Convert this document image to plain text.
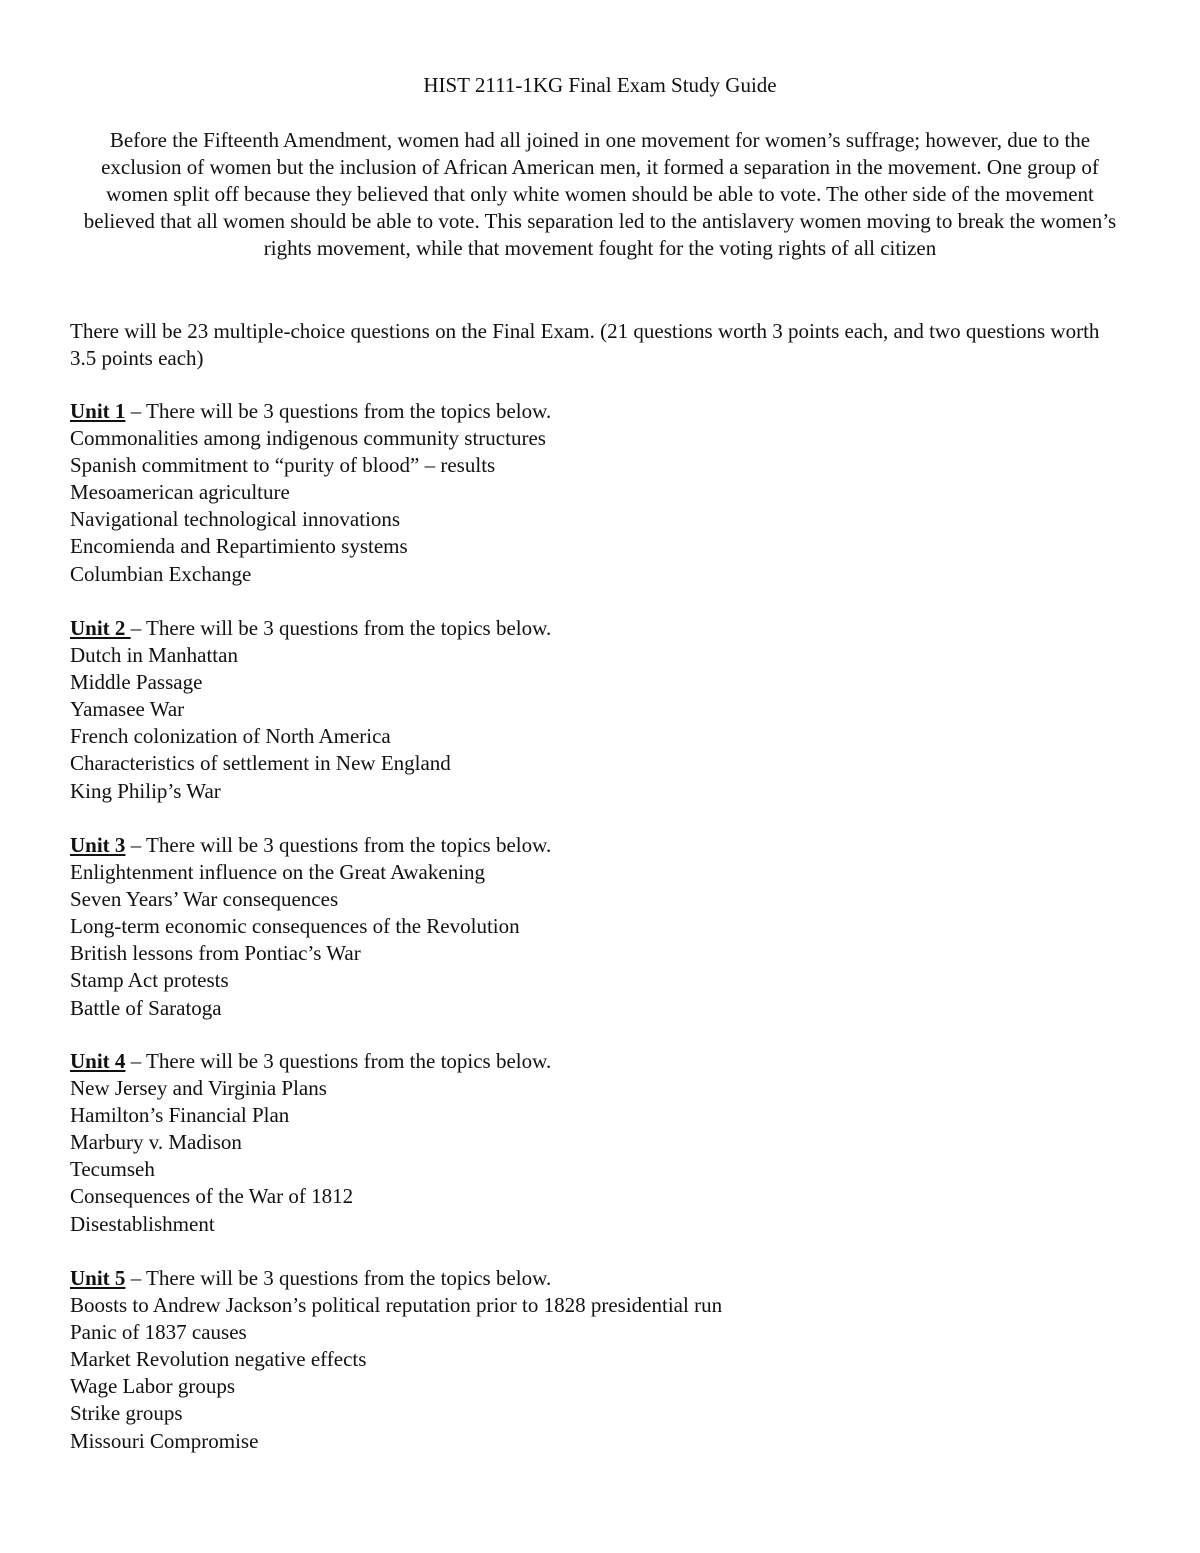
HIST 2111-1KG Final Exam Study Guide

Before the Fifteenth Amendment, women had all joined in one movement for women’s suffrage; however, due to the exclusion of women but the inclusion of African American men, it formed a separation in the movement. One group of women split off because they believed that only white women should be able to vote. The other side of the movement believed that all women should be able to vote. This separation led to the antislavery women moving to break the women’s rights movement, while that movement fought for the voting rights of all citizen

There will be 23 multiple-choice questions on the Final Exam. (21 questions worth 3 points each, and two questions worth 3.5 points each)

Unit 1 – There will be 3 questions from the topics below.

Commonalities among indigenous community structures
Spanish commitment to “purity of blood” – results
Mesoamerican agriculture
Navigational technological innovations
Encomienda and Repartimiento systems
Columbian Exchange

Unit 2 – There will be 3 questions from the topics below.

Dutch in Manhattan
Middle Passage
Yamasee War
French colonization of North America
Characteristics of settlement in New England
King Philip’s War

Unit 3 – There will be 3 questions from the topics below.

Enlightenment influence on the Great Awakening
Seven Years’ War consequences
Long-term economic consequences of the Revolution
British lessons from Pontiac’s War
Stamp Act protests
Battle of Saratoga

Unit 4 – There will be 3 questions from the topics below.

New Jersey and Virginia Plans
Hamilton’s Financial Plan
Marbury v. Madison
Tecumseh
Consequences of the War of 1812
Disestablishment

Unit 5 – There will be 3 questions from the topics below.

Boosts to Andrew Jackson’s political reputation prior to 1828 presidential run
Panic of 1837 causes
Market Revolution negative effects
Wage Labor groups
Strike groups
Missouri Compromise
